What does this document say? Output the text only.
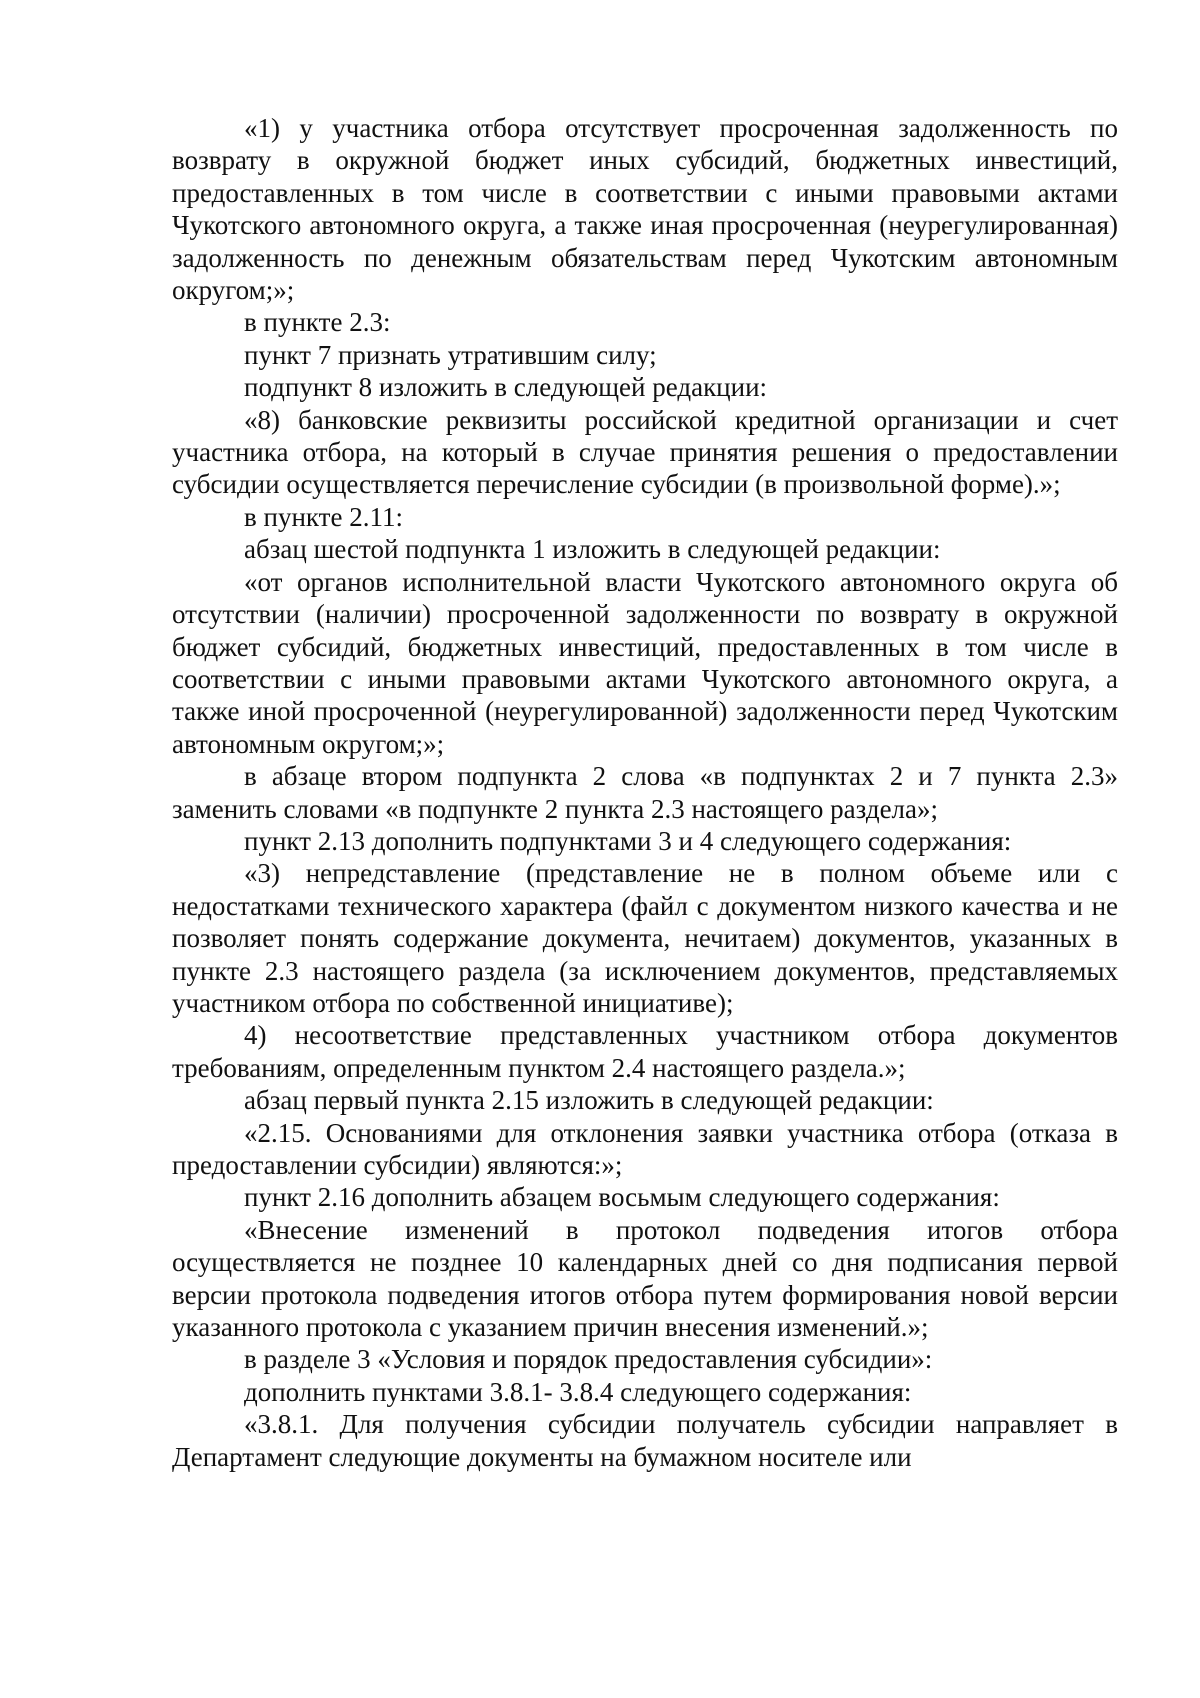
«1) у участника отбора отсутствует просроченная задолженность по возврату в окружной бюджет иных субсидий, бюджетных инвестиций, предоставленных в том числе в соответствии с иными правовыми актами Чукотского автономного округа, а также иная просроченная (неурегулированная) задолженность по денежным обязательствам перед Чукотским автономным округом;»;

в пункте 2.3:

пункт 7 признать утратившим силу;

подпункт 8 изложить в следующей редакции:

«8) банковские реквизиты российской кредитной организации и счет участника отбора, на который в случае принятия решения о предоставлении субсидии осуществляется перечисление субсидии (в произвольной форме).»;

в пункте 2.11:

абзац шестой подпункта 1 изложить в следующей редакции:

«от органов исполнительной власти Чукотского автономного округа об отсутствии (наличии) просроченной задолженности по возврату в окружной бюджет субсидий, бюджетных инвестиций, предоставленных в том числе в соответствии с иными правовыми актами Чукотского автономного округа, а также иной просроченной (неурегулированной) задолженности перед Чукотским автономным округом;»;

в абзаце втором подпункта 2 слова «в подпунктах 2 и 7 пункта 2.3» заменить словами «в подпункте 2 пункта 2.3 настоящего раздела»;

пункт 2.13 дополнить подпунктами 3 и 4 следующего содержания:

«3) непредставление (представление не в полном объеме или с недостатками технического характера (файл с документом низкого качества и не позволяет понять содержание документа, нечитаем) документов, указанных в пункте 2.3 настоящего раздела (за исключением документов, представляемых участником отбора по собственной инициативе);

4) несоответствие представленных участником отбора документов требованиям, определенным пунктом 2.4 настоящего раздела.»;

абзац первый пункта 2.15 изложить в следующей редакции:

«2.15. Основаниями для отклонения заявки участника отбора (отказа в предоставлении субсидии) являются:»;

пункт 2.16 дополнить абзацем восьмым следующего содержания:

«Внесение изменений в протокол подведения итогов отбора осуществляется не позднее 10 календарных дней со дня подписания первой версии протокола подведения итогов отбора путем формирования новой версии указанного протокола с указанием причин внесения изменений.»;

в разделе 3 «Условия и порядок предоставления субсидии»:

дополнить пунктами 3.8.1- 3.8.4 следующего содержания:

«3.8.1. Для получения субсидии получатель субсидии направляет в Департамент следующие документы на бумажном носителе или
